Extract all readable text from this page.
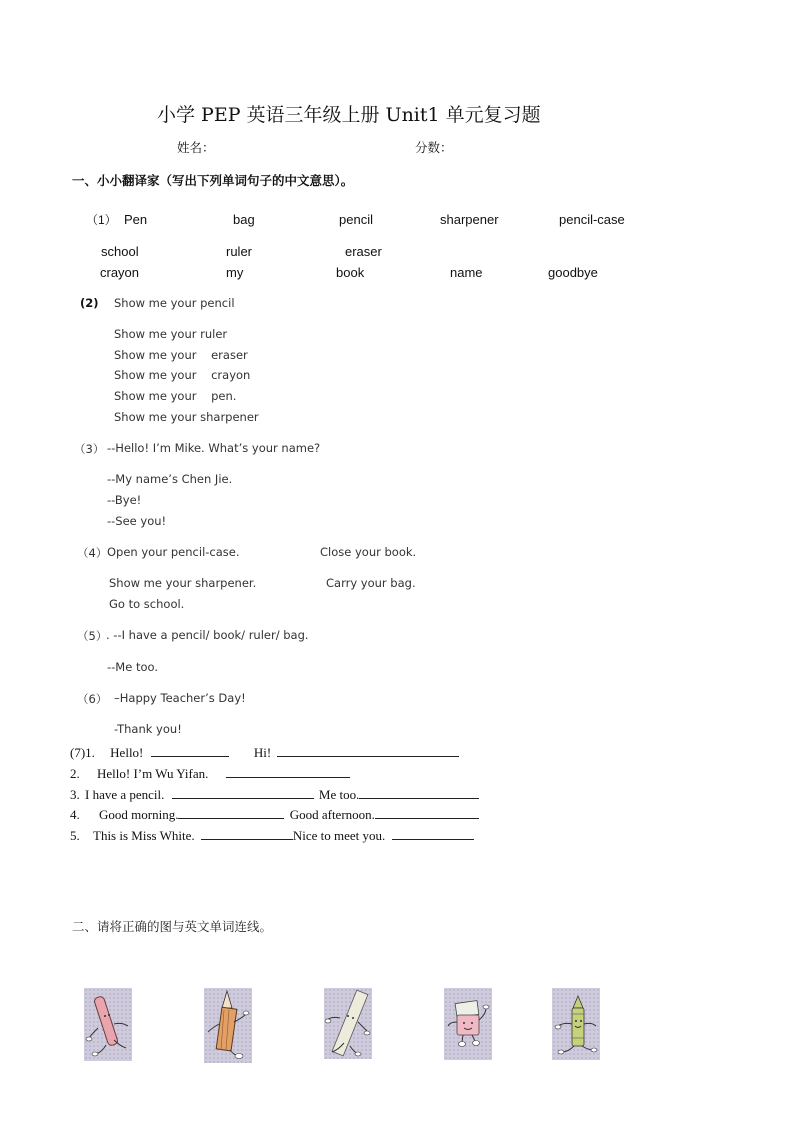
小学 PEP 英语三年级上册 Unit1 单元复习题
姓名：	分数：
一、小小翻译家（写出下列单词句子的中文意思）。
（1） Pen	bag	pencil	sharpener	pencil-case
school	ruler	eraser
crayon	my	book	name	goodbye
(2) Show me your pencil
Show me your ruler
Show me your    eraser
Show me your    crayon
Show me your    pen.
Show me your sharpener
（3） --Hello! I’m Mike. What’s your name?
--My name’s Chen Jie.
--Bye!
--See you!
（4） Open your pencil-case.	Close your book.
Show me your sharpener.	Carry your bag.
Go to school.
（5）
. --I have a pencil/ book/ ruler/ bag.
--Me too.
（6） –Happy Teacher’s Day!
-Thank you!
(7)1. Hello!	Hi!
2. Hello! I’m Wu Yifan.
3. I have a pencil.	Me too.
4. Good morning.	Good afternoon.
5. This is Miss White.	Nice to meet you.
二、请将正确的图与英文单词连线。
